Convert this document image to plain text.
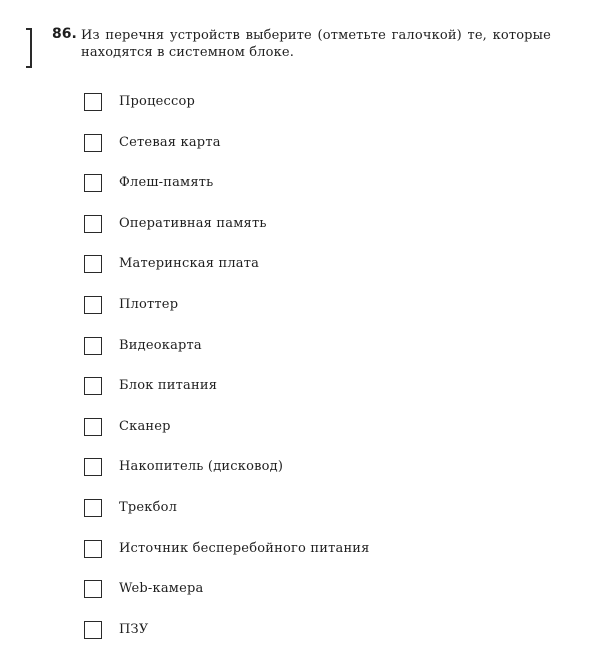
86. Из перечня устройств выберите (отметьте галочкой) те, которые находятся в системном блоке.
Процессор
Сетевая карта
Флеш-память
Оперативная память
Материнская плата
Плоттер
Видеокарта
Блок питания
Сканер
Накопитель (дисковод)
Трекбол
Источник бесперебойного питания
Web-камера
ПЗУ
